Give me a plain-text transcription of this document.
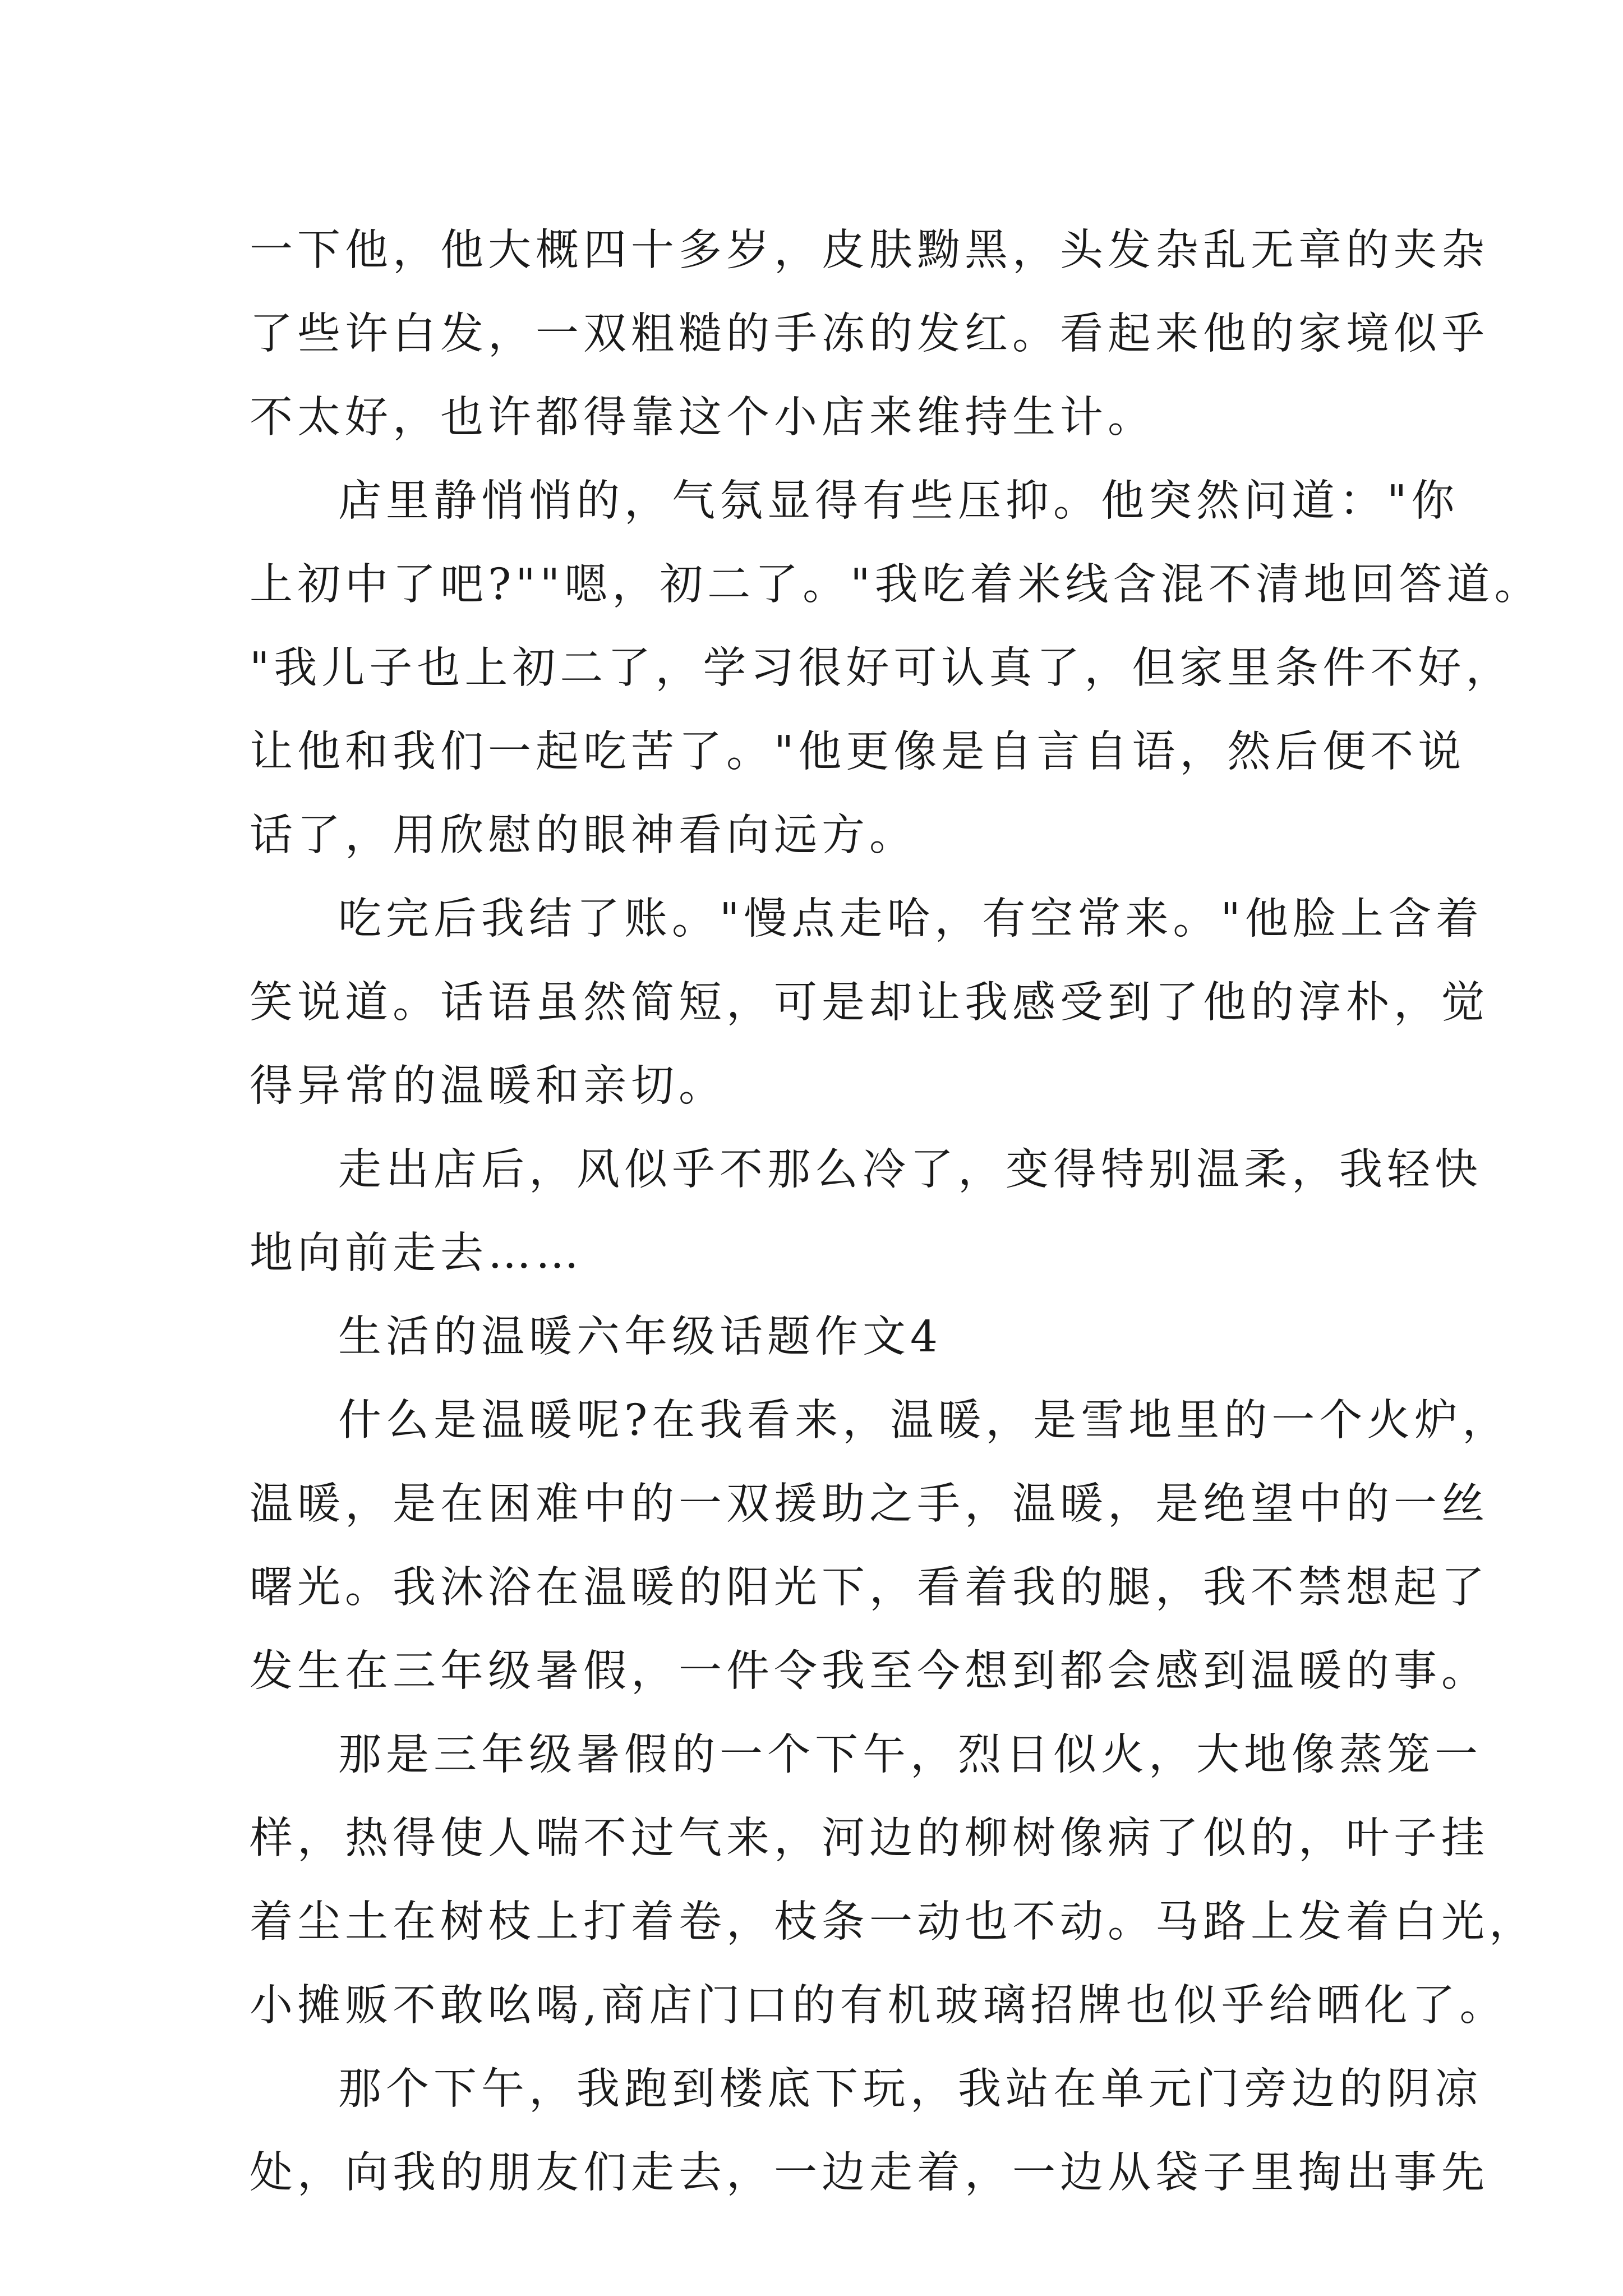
一下他，他大概四十多岁，皮肤黝黑，头发杂乱无章的夹杂
了些许白发，一双粗糙的手冻的发红。看起来他的家境似乎
不太好，也许都得靠这个小店来维持生计。
店里静悄悄的，气氛显得有些压抑。他突然问道："你
上初中了吧?""嗯，初二了。"我吃着米线含混不清地回答道。
"我儿子也上初二了，学习很好可认真了，但家里条件不好，
让他和我们一起吃苦了。"他更像是自言自语，然后便不说
话了，用欣慰的眼神看向远方。
吃完后我结了账。"慢点走哈，有空常来。"他脸上含着
笑说道。话语虽然简短，可是却让我感受到了他的淳朴，觉
得异常的温暖和亲切。
走出店后，风似乎不那么冷了，变得特别温柔，我轻快
地向前走去……
生活的温暖六年级话题作文4
什么是温暖呢?在我看来，温暖，是雪地里的一个火炉，
温暖，是在困难中的一双援助之手，温暖，是绝望中的一丝
曙光。我沐浴在温暖的阳光下，看着我的腿，我不禁想起了
发生在三年级暑假，一件令我至今想到都会感到温暖的事。
那是三年级暑假的一个下午，烈日似火，大地像蒸笼一
样，热得使人喘不过气来，河边的柳树像病了似的，叶子挂
着尘土在树枝上打着卷，枝条一动也不动。马路上发着白光，
小摊贩不敢吆喝,商店门口的有机玻璃招牌也似乎给晒化了。
那个下午，我跑到楼底下玩，我站在单元门旁边的阴凉
处，向我的朋友们走去，一边走着，一边从袋子里掏出事先
